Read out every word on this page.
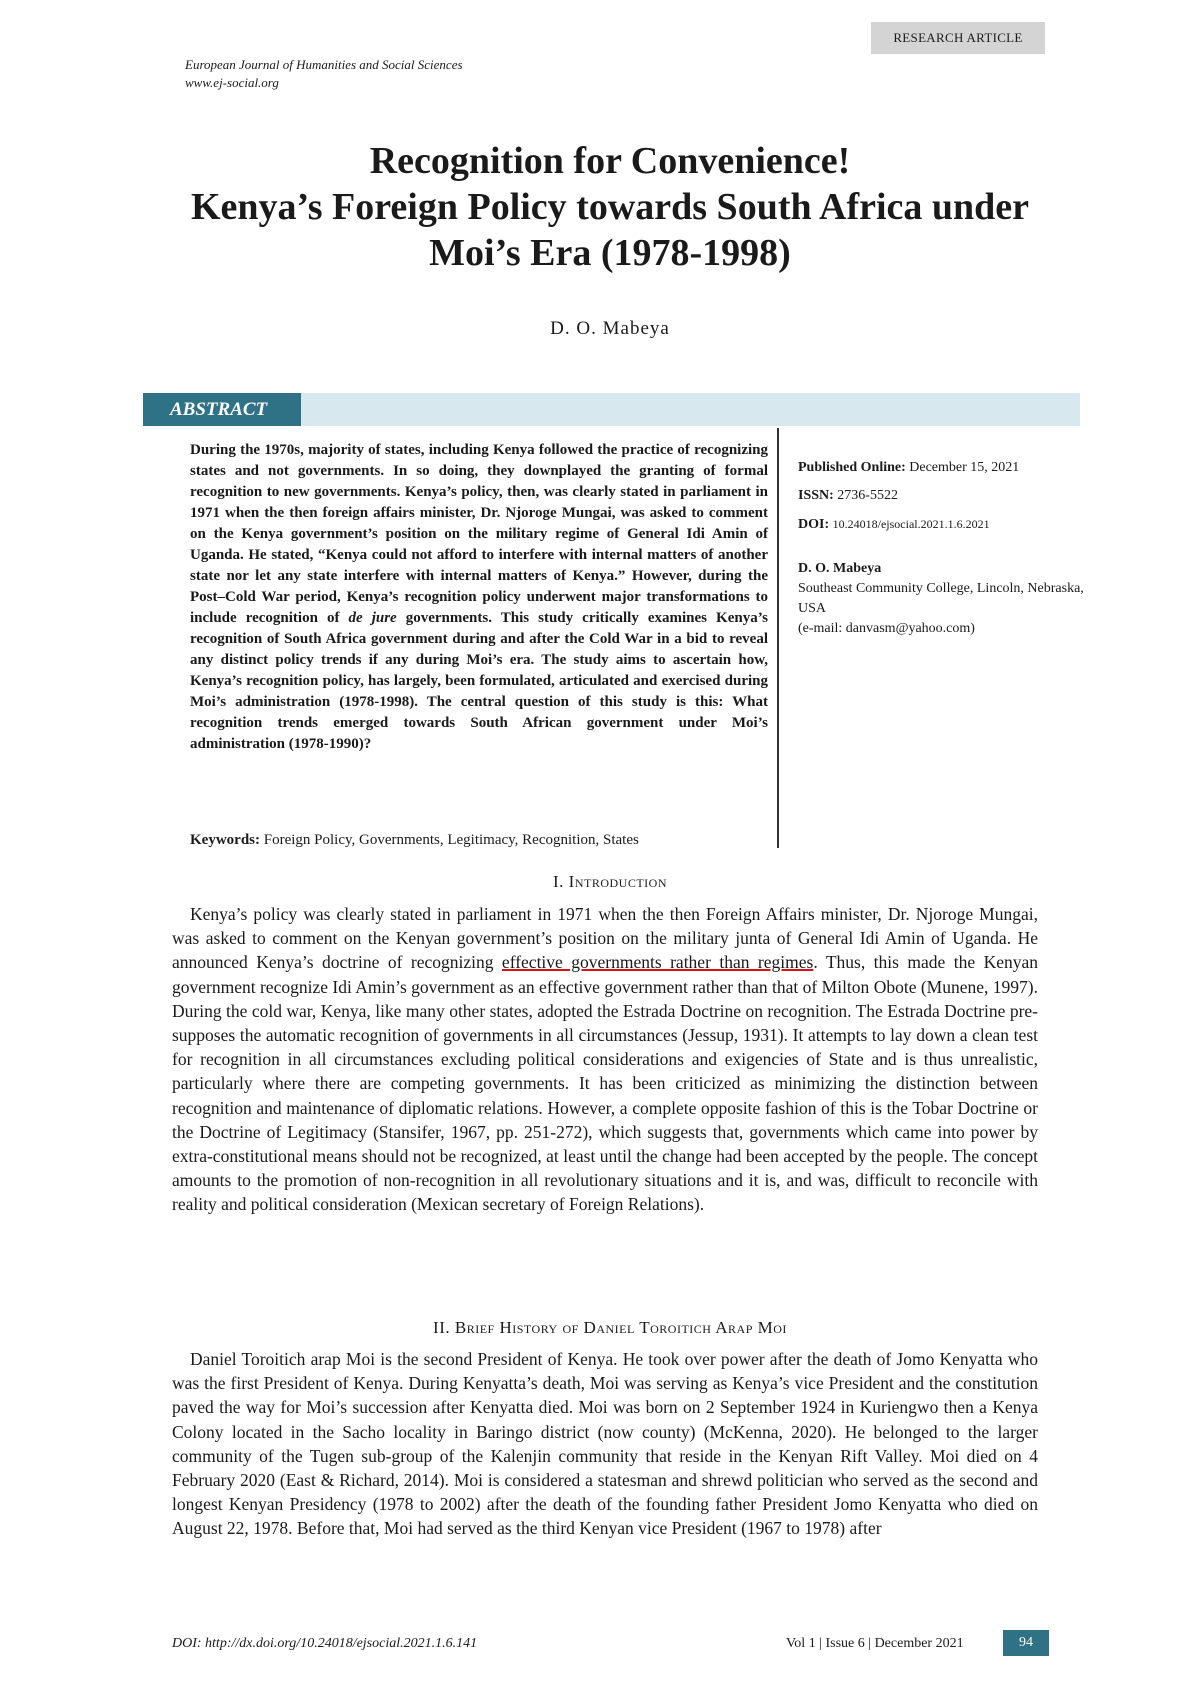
RESEARCH ARTICLE
European Journal of Humanities and Social Sciences
www.ej-social.org
Recognition for Convenience!
Kenya’s Foreign Policy towards South Africa under
Moi’s Era (1978-1998)
D. O. Mabeya
ABSTRACT
During the 1970s, majority of states, including Kenya followed the practice of recognizing states and not governments. In so doing, they downplayed the granting of formal recognition to new governments. Kenya’s policy, then, was clearly stated in parliament in 1971 when the then foreign affairs minister, Dr. Njoroge Mungai, was asked to comment on the Kenya government’s position on the military regime of General Idi Amin of Uganda. He stated, “Kenya could not afford to interfere with internal matters of another state nor let any state interfere with internal matters of Kenya.” However, during the Post–Cold War period, Kenya’s recognition policy underwent major transformations to include recognition of de jure governments. This study critically examines Kenya’s recognition of South Africa government during and after the Cold War in a bid to reveal any distinct policy trends if any during Moi’s era. The study aims to ascertain how, Kenya’s recognition policy, has largely, been formulated, articulated and exercised during Moi’s administration (1978-1998). The central question of this study is this: What recognition trends emerged towards South African government under Moi’s administration (1978-1990)?
Keywords: Foreign Policy, Governments, Legitimacy, Recognition, States
Published Online: December 15, 2021
ISSN: 2736-5522
DOI: 10.24018/ejsocial.2021.1.6.2021
D. O. Mabeya
Southeast Community College, Lincoln, Nebraska, USA
(e-mail: danvasm@yahoo.com)
I. Introduction

Kenya’s policy was clearly stated in parliament in 1971 when the then Foreign Affairs minister, Dr. Njoroge Mungai, was asked to comment on the Kenyan government’s position on the military junta of General Idi Amin of Uganda. He announced Kenya’s doctrine of recognizing effective governments rather than regimes. Thus, this made the Kenyan government recognize Idi Amin’s government as an effective government rather than that of Milton Obote (Munene, 1997). During the cold war, Kenya, like many other states, adopted the Estrada Doctrine on recognition. The Estrada Doctrine pre-supposes the automatic recognition of governments in all circumstances (Jessup, 1931). It attempts to lay down a clean test for recognition in all circumstances excluding political considerations and exigencies of State and is thus unrealistic, particularly where there are competing governments. It has been criticized as minimizing the distinction between recognition and maintenance of diplomatic relations. However, a complete opposite fashion of this is the Tobar Doctrine or the Doctrine of Legitimacy (Stansifer, 1967, pp. 251-272), which suggests that, governments which came into power by extra-constitutional means should not be recognized, at least until the change had been accepted by the people. The concept amounts to the promotion of non-recognition in all revolutionary situations and it is, and was, difficult to reconcile with reality and political consideration (Mexican secretary of Foreign Relations).

II. Brief History of Daniel Toroitich Arap Moi

Daniel Toroitich arap Moi is the second President of Kenya. He took over power after the death of Jomo Kenyatta who was the first President of Kenya. During Kenyatta’s death, Moi was serving as Kenya’s vice President and the constitution paved the way for Moi’s succession after Kenyatta died. Moi was born on 2 September 1924 in Kuriengwo then a Kenya Colony located in the Sacho locality in Baringo district (now county) (McKenna, 2020). He belonged to the larger community of the Tugen sub-group of the Kalenjin community that reside in the Kenyan Rift Valley. Moi died on 4 February 2020 (East & Richard, 2014). Moi is considered a statesman and shrewd politician who served as the second and longest Kenyan Presidency (1978 to 2002) after the death of the founding father President Jomo Kenyatta who died on August 22, 1978. Before that, Moi had served as the third Kenyan vice President (1967 to 1978) after

DOI: http://dx.doi.org/10.24018/ejsocial.2021.1.6.141	Vol 1 | Issue 6 | December 2021	94
